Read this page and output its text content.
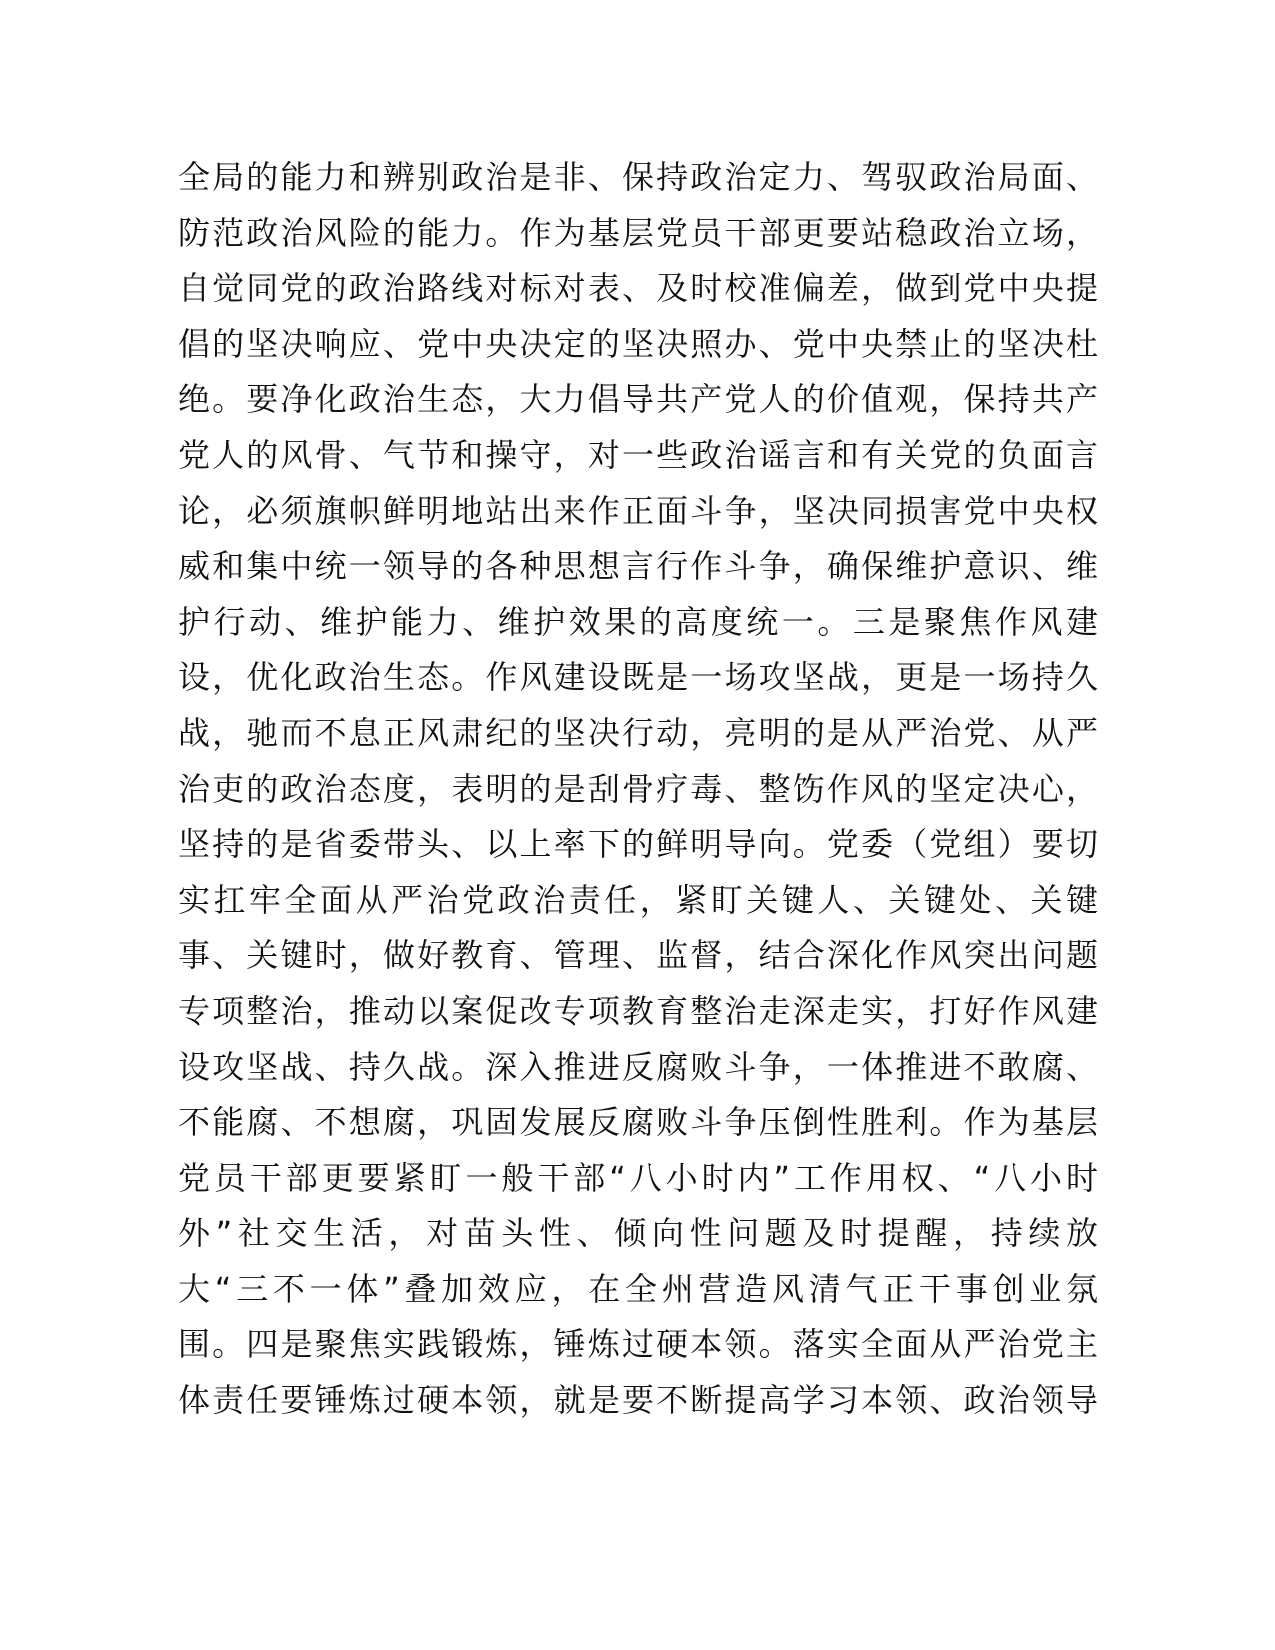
全局的能力和辨别政治是非、保持政治定力、驾驭政治局面、
防范政治风险的能力。作为基层党员干部更要站稳政治立场，
自觉同党的政治路线对标对表、及时校准偏差，做到党中央提
倡的坚决响应、党中央决定的坚决照办、党中央禁止的坚决杜
绝。要净化政治生态，大力倡导共产党人的价值观，保持共产
党人的风骨、气节和操守，对一些政治谣言和有关党的负面言
论，必须旗帜鲜明地站出来作正面斗争，坚决同损害党中央权
威和集中统一领导的各种思想言行作斗争，确保维护意识、维
护行动、维护能力、维护效果的高度统一。三是聚焦作风建
设，优化政治生态。作风建设既是一场攻坚战，更是一场持久
战，驰而不息正风肃纪的坚决行动，亮明的是从严治党、从严
治吏的政治态度，表明的是刮骨疗毒、整饬作风的坚定决心，
坚持的是省委带头、以上率下的鲜明导向。党委（党组）要切
实扛牢全面从严治党政治责任，紧盯关键人、关键处、关键
事、关键时，做好教育、管理、监督，结合深化作风突出问题
专项整治，推动以案促改专项教育整治走深走实，打好作风建
设攻坚战、持久战。深入推进反腐败斗争，一体推进不敢腐、
不能腐、不想腐，巩固发展反腐败斗争压倒性胜利。作为基层
党员干部更要紧盯一般干部“八小时内”工作用权、“八小时
外”社交生活，对苗头性、倾向性问题及时提醒，持续放
大“三不一体”叠加效应，在全州营造风清气正干事创业氛
围。四是聚焦实践锻炼，锤炼过硬本领。落实全面从严治党主
体责任要锤炼过硬本领，就是要不断提高学习本领、政治领导
